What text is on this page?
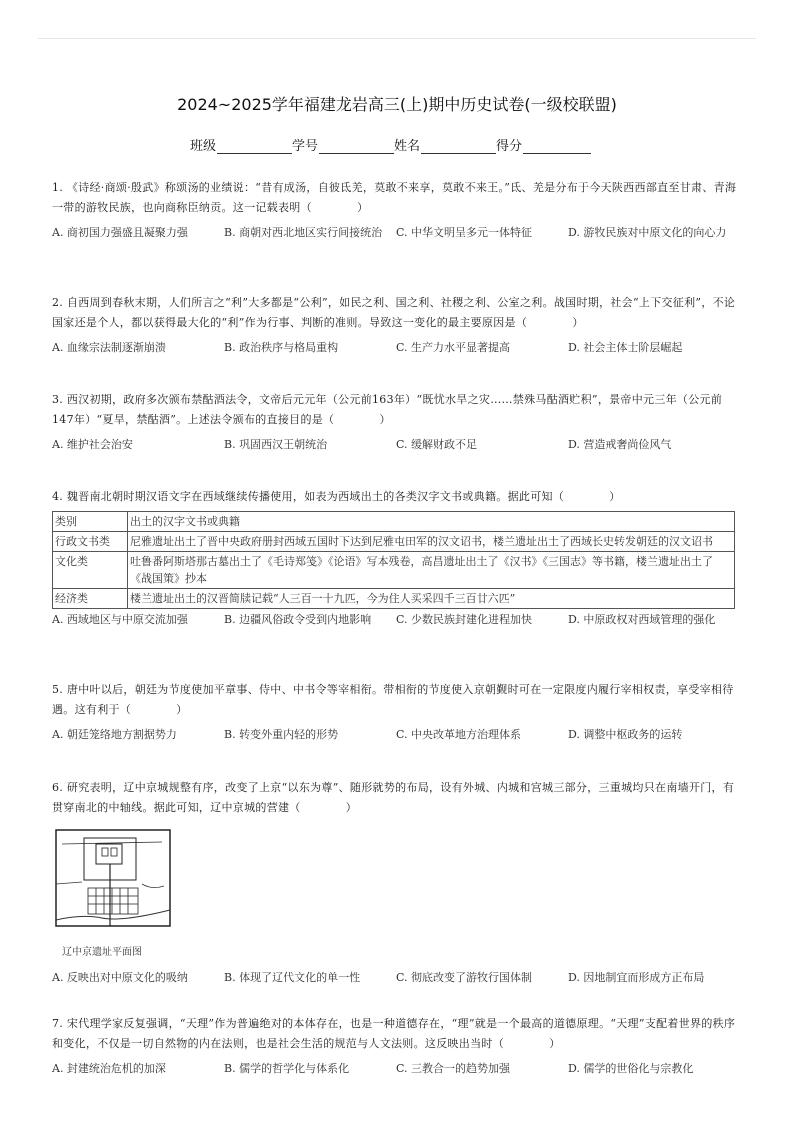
2024~2025学年福建龙岩高三(上)期中历史试卷(一级校联盟)
班级	学号	姓名	得分
1. 《诗经·商颂·殷武》称颂汤的业绩说：“昔有成汤，自彼氐羌，莫敢不来享，莫敢不来王。”氐、羌是分布于今天陕西西部直至甘肃、青海一带的游牧民族，也向商称臣纳贡。这一记载表明（　　　　）
A. 商初国力强盛且凝聚力强	B. 商朝对西北地区实行间接统治	C. 中华文明呈多元一体特征	D. 游牧民族对中原文化的向心力
2. 自西周到春秋末期，人们所言之“利”大多都是“公利”，如民之利、国之利、社稷之利、公室之利。战国时期，社会“上下交征利”，不论国家还是个人，都以获得最大化的“利”作为行事、判断的准则。导致这一变化的最主要原因是（　　　　）
A. 血缘宗法制逐渐崩溃	B. 政治秩序与格局重构	C. 生产力水平显著提高	D. 社会主体士阶层崛起
3. 西汉初期，政府多次颁布禁酤酒法令，文帝后元元年（公元前163年）“既忧水旱之灾……禁殊马酤酒贮积”，景帝中元三年（公元前147年）“夏旱，禁酤酒”。上述法令颁布的直接目的是（　　　　）
A. 维护社会治安	B. 巩固西汉王朝统治	C. 缓解财政不足	D. 营造戒奢尚俭风气
4. 魏晋南北朝时期汉语文字在西域继续传播使用，如表为西域出土的各类汉字文书或典籍。据此可知（　　　　）
类别	出土的汉字文书或典籍
行政文书类	尼雅遗址出土了晋中央政府册封西域五国时下达到尼雅屯田军的汉文诏书，楼兰遗址出土了西域长史转发朝廷的汉文诏书
文化类	吐鲁番阿斯塔那古墓出土了《毛诗郑笺》《论语》写本残卷，高昌遗址出土了《汉书》《三国志》等书籍，楼兰遗址出土了《战国策》抄本
经济类	楼兰遗址出土的汉晋简牍记载“人三百一十九匹，今为住人买采四千三百廿六匹”
A. 西域地区与中原交流加强	B. 边疆风俗政令受到内地影响	C. 少数民族封建化进程加快	D. 中原政权对西域管理的强化
5. 唐中叶以后，朝廷为节度使加平章事、侍中、中书令等宰相衔。带相衔的节度使入京朝觐时可在一定限度内履行宰相权责，享受宰相待遇。这有利于（　　　　）
A. 朝廷笼络地方割据势力	B. 转变外重内轻的形势	C. 中央改革地方治理体系	D. 调整中枢政务的运转
6. 研究表明，辽中京城规整有序，改变了上京“以东为尊”、随形就势的布局，设有外城、内城和宫城三部分，三重城均只在南墙开门，有贯穿南北的中轴线。据此可知，辽中京城的营建（　　　　）
辽中京遗址平面图
A. 反映出对中原文化的吸纳	B. 体现了辽代文化的单一性	C. 彻底改变了游牧行国体制	D. 因地制宜而形成方正布局
7. 宋代理学家反复强调，“天理”作为普遍绝对的本体存在，也是一种道德存在，“理”就是一个最高的道德原理。“天理”支配着世界的秩序和变化，不仅是一切自然物的内在法则，也是社会生活的规范与人文法则。这反映出当时（　　　　）
A. 封建统治危机的加深	B. 儒学的哲学化与体系化	C. 三教合一的趋势加强	D. 儒学的世俗化与宗教化
